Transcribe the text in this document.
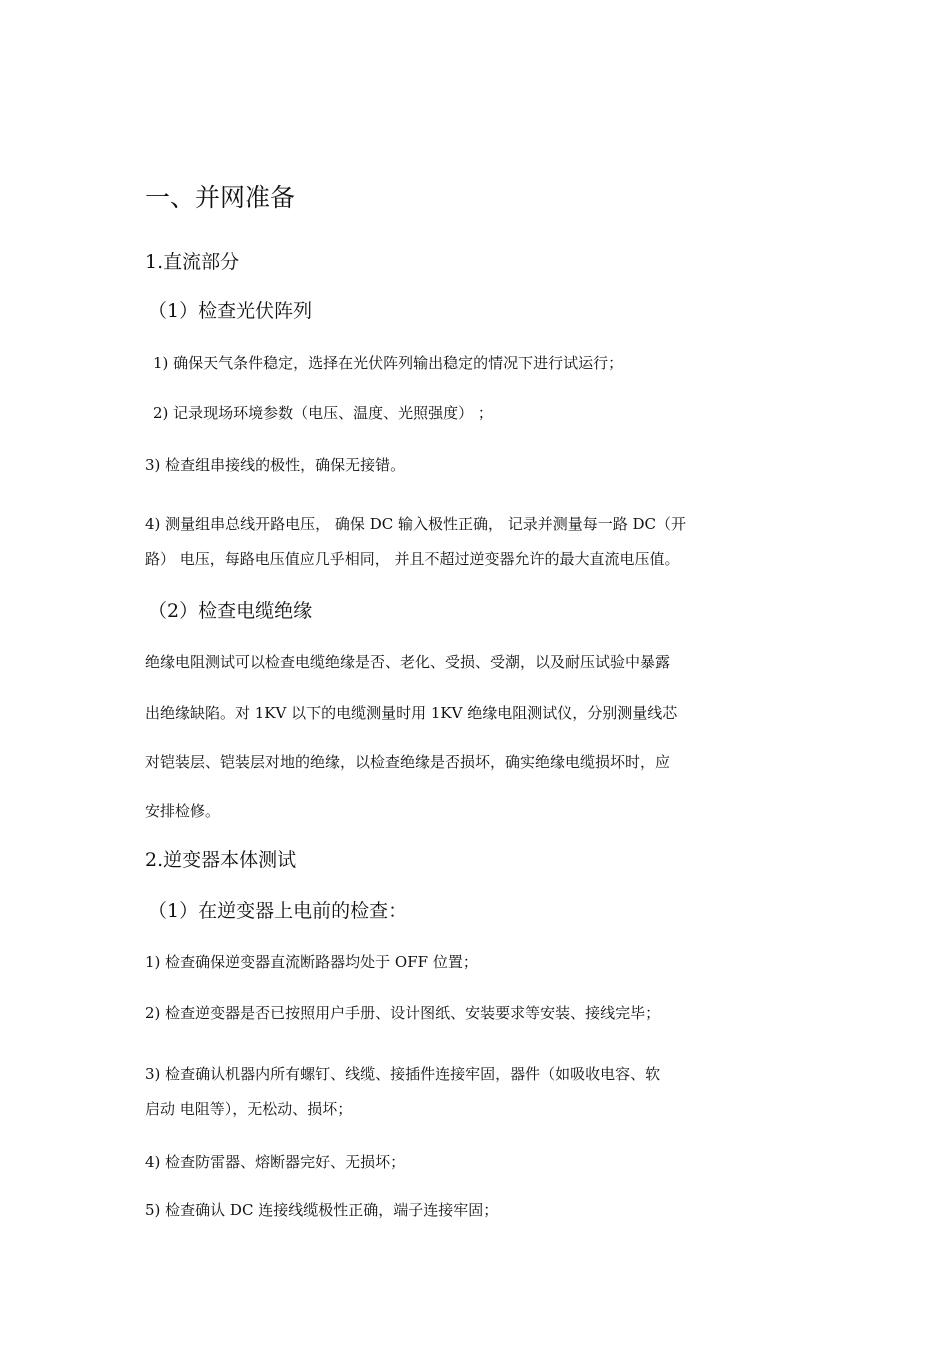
一、并网准备
1.直流部分
（1）检查光伏阵列

1) 确保天气条件稳定，选择在光伏阵列输出稳定的情况下进行试运行；

2) 记录现场环境参数（电压、温度、光照强度） ；

3) 检查组串接线的极性，确保无接错。

4) 测量组串总线开路电压， 确保 DC 输入极性正确， 记录并测量每一路 DC（开

路） 电压，每路电压值应几乎相同， 并且不超过逆变器允许的最大直流电压值。

（2）检查电缆绝缘

绝缘电阻测试可以检查电缆绝缘是否、老化、受损、受潮，以及耐压试验中暴露

出绝缘缺陷。对 1KV 以下的电缆测量时用 1KV 绝缘电阻测试仪，分别测量线芯

对铠装层、铠装层对地的绝缘，以检查绝缘是否损坏，确实绝缘电缆损坏时，应

安排检修。

2.逆变器本体测试
（1）在逆变器上电前的检查：

1) 检查确保逆变器直流断路器均处于 OFF 位置；

2) 检查逆变器是否已按照用户手册、设计图纸、安装要求等安装、接线完毕；

3) 检查确认机器内所有螺钉、线缆、接插件连接牢固，器件（如吸收电容、软

启动 电阻等），无松动、损坏；

4) 检查防雷器、熔断器完好、无损坏；

5) 检查确认 DC 连接线缆极性正确，端子连接牢固；
